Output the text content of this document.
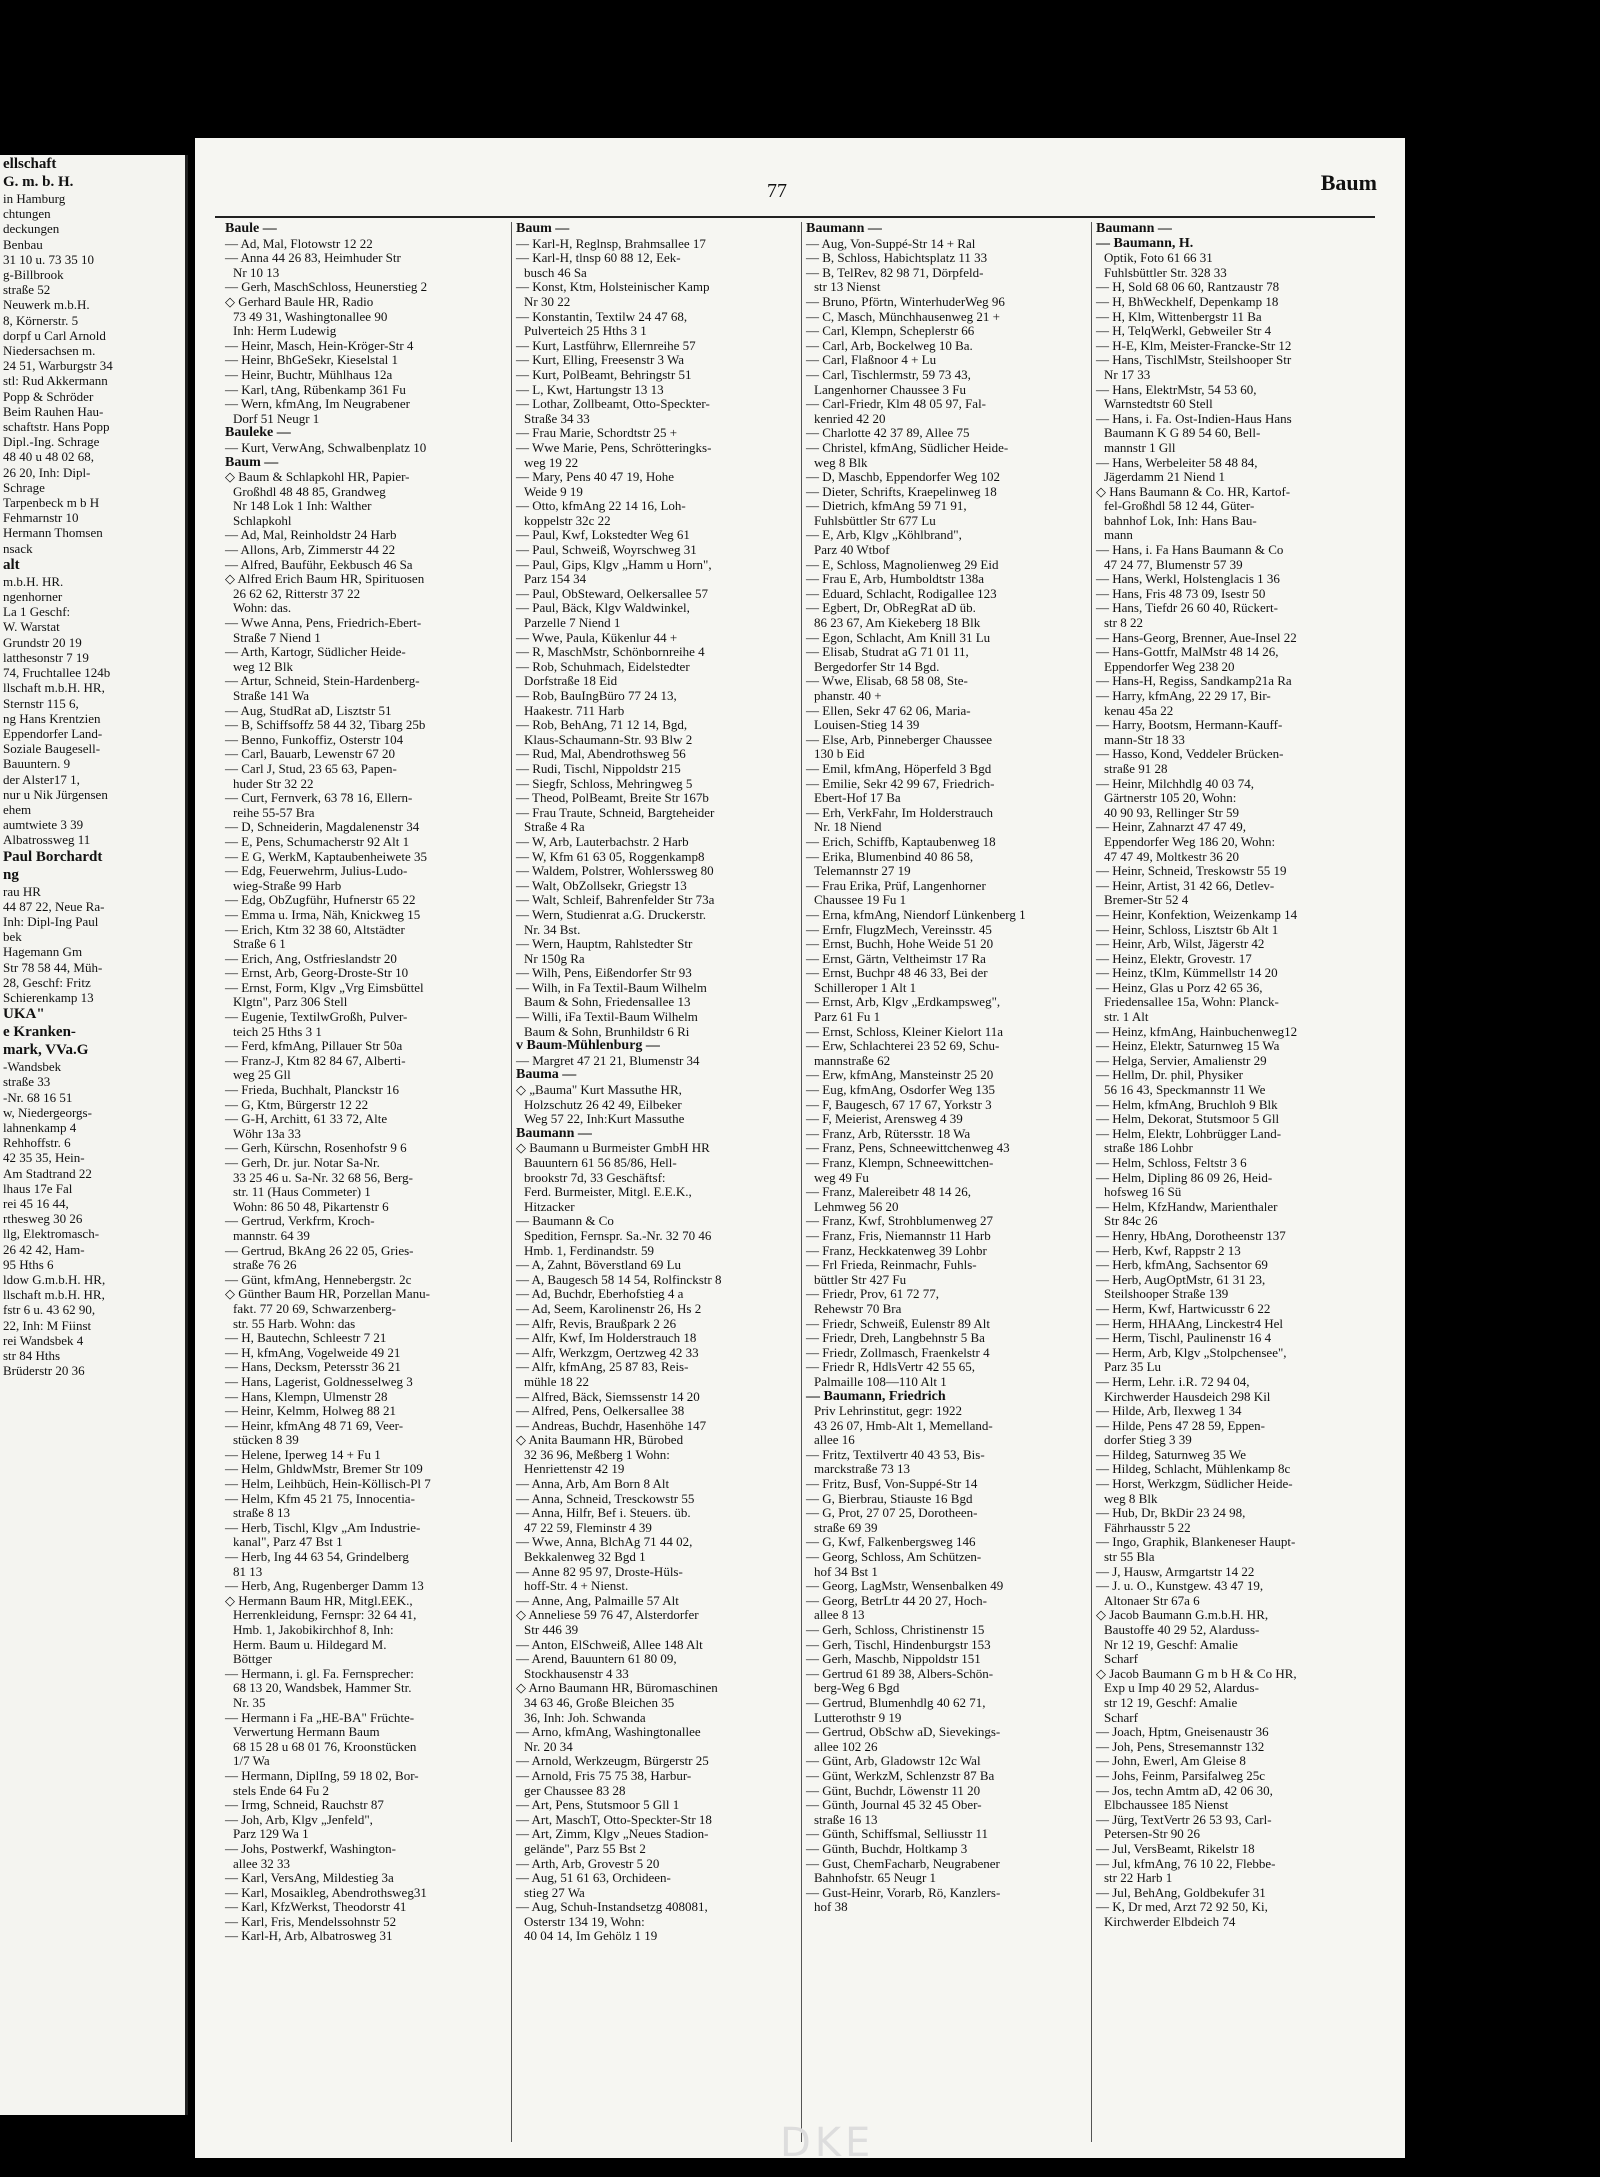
ellschaft
G. m. b. H.
in Hamburg
chtungen
deckungen
Benbau
31 10 u. 73 35 10
g-Billbrook
straße 52
Neuwerk m.b.H.
8, Körnerstr. 5
dorpf u Carl Arnold
Niedersachsen m.
24 51, Warburgstr 34
stl: Rud Akkermann
Popp & Schröder
Beim Rauhen Hau-
schaftstr. Hans Popp
Dipl.-Ing. Schrage
48 40 u 48 02 68,
26 20, Inh: Dipl-
Schrage
Tarpenbeck m b H
Fehmarnstr 10
Hermann Thomsen
nsack
alt
m.b.H. HR.
ngenhorner
La 1 Geschf:
W. Warstat
Grundstr 20 19
latthesonstr 7 19
74, Fruchtallee 124b
llschaft m.b.H. HR,
Sternstr 115 6,
ng Hans Krentzien
Eppendorfer Land-
Soziale Baugesell-
Bauuntern. 9
der Alster17 1,
nur u Nik Jürgensen
ehem
aumtwiete 3 39
Albatrossweg 11
Paul Borchardt
ng
rau HR
44 87 22, Neue Ra-
Inh: Dipl-Ing Paul
bek
Hagemann Gm
Str 78 58 44, Müh-
28, Geschf: Fritz
Schierenkamp 13
UKA"
e Kranken-
mark, VVa.G
-Wandsbek
straße 33
-Nr. 68 16 51
w, Niedergeorgs-
lahnenkamp 4
Rehhoffstr. 6
42 35 35, Hein-
Am Stadtrand 22
lhaus 17e Fal
rei 45 16 44,
rthesweg 30 26
llg, Elektromasch-
26 42 42, Ham-
95 Hths 6
ldow G.m.b.H. HR,
llschaft m.b.H. HR,
fstr 6 u. 43 62 90,
22, Inh: M Fiinst
rei Wandsbek 4
str 84 Hths
Brüderstr 20 36
77	Baum
Baule —
— Ad, Mal, Flotowstr 12 22
— Anna 44 26 83, Heimhuder Str
Nr 10 13
— Gerh, MaschSchloss, Heunerstieg 2
◇ Gerhard Baule HR, Radio
73 49 31, Washingtonallee 90
Inh: Herm Ludewig
— Heinr, Masch, Hein-Kröger-Str 4
— Heinr, BhGeSekr, Kieselstal 1
— Heinr, Buchtr, Mühlhaus 12a
— Karl, tAng, Rübenkamp 361 Fu
— Wern, kfmAng, Im Neugrabener
Dorf 51 Neugr 1
Bauleke —
— Kurt, VerwAng, Schwalbenplatz 10
Baum —
◇ Baum & Schlapkohl HR, Papier-
Großhdl 48 48 85, Grandweg
Nr 148 Lok 1 Inh: Walther
Schlapkohl
— Ad, Mal, Reinholdstr 24 Harb
— Allons, Arb, Zimmerstr 44 22
— Alfred, Bauführ, Eekbusch 46 Sa
◇ Alfred Erich Baum HR, Spirituosen
26 62 62, Ritterstr 37 22
Wohn: das.
— Wwe Anna, Pens, Friedrich-Ebert-
Straße 7 Niend 1
— Arth, Kartogr, Südlicher Heide-
weg 12 Blk
— Artur, Schneid, Stein-Hardenberg-
Straße 141 Wa
— Aug, StudRat aD, Lisztstr 51
— B, Schiffsoffz 58 44 32, Tibarg 25b
— Benno, Funkoffiz, Osterstr 104
— Carl, Bauarb, Lewenstr 67 20
— Carl J, Stud, 23 65 63, Papen-
huder Str 32 22
— Curt, Fernverk, 63 78 16, Ellern-
reihe 55-57 Bra
— D, Schneiderin, Magdalenenstr 34
— E, Pens, Schumacherstr 92 Alt 1
— E G, WerkM, Kaptaubenheiwete 35
— Edg, Feuerwehrm, Julius-Ludo-
wieg-Straße 99 Harb
— Edg, ObZugführ, Hufnerstr 65 22
— Emma u. Irma, Näh, Knickweg 15
— Erich, Ktm 32 38 60, Altstädter
Straße 6 1
— Erich, Ang, Ostfrieslandstr 20
— Ernst, Arb, Georg-Droste-Str 10
— Ernst, Form, Klgv „Vrg Eimsbüttel
Klgtn", Parz 306 Stell
— Eugenie, TextilwGroßh, Pulver-
teich 25 Hths 3 1
— Ferd, kfmAng, Pillauer Str 50a
— Franz-J, Ktm 82 84 67, Alberti-
weg 25 Gll
— Frieda, Buchhalt, Planckstr 16
— G, Ktm, Bürgerstr 12 22
— G-H, Architt, 61 33 72, Alte
Wöhr 13a 33
— Gerh, Kürschn, Rosenhofstr 9 6
— Gerh, Dr. jur. Notar Sa-Nr.
33 25 46 u. Sa-Nr. 32 68 56, Berg-
str. 11 (Haus Commeter) 1
Wohn: 86 50 48, Pikartenstr 6
— Gertrud, Verkfrm, Kroch-
mannstr. 64 39
— Gertrud, BkAng 26 22 05, Gries-
straße 76 26
— Günt, kfmAng, Hennebergstr. 2c
◇ Günther Baum HR, Porzellan Manu-
fakt. 77 20 69, Schwarzenberg-
str. 55 Harb. Wohn: das
— H, Bautechn, Schleestr 7 21
— H, kfmAng, Vogelweide 49 21
— Hans, Decksm, Petersstr 36 21
— Hans, Lagerist, Goldnesselweg 3
— Hans, Klempn, Ulmenstr 28
— Heinr, Kelmm, Holweg 88 21
— Heinr, kfmAng 48 71 69, Veer-
stücken 8 39
— Helene, Iperweg 14 + Fu 1
— Helm, GhldwMstr, Bremer Str 109
— Helm, Leihbüch, Hein-Köllisch-Pl 7
— Helm, Kfm 45 21 75, Innocentia-
straße 8 13
— Herb, Tischl, Klgv „Am Industrie-
kanal", Parz 47 Bst 1
— Herb, Ing 44 63 54, Grindelberg
81 13
— Herb, Ang, Rugenberger Damm 13
◇ Hermann Baum HR, Mitgl.EEK.,
Herrenkleidung, Fernspr: 32 64 41,
Hmb. 1, Jakobikirchhof 8, Inh:
Herm. Baum u. Hildegard M.
Böttger
— Hermann, i. gl. Fa. Fernsprecher:
68 13 20, Wandsbek, Hammer Str.
Nr. 35
— Hermann i Fa „HE-BA" Früchte-
Verwertung Hermann Baum
68 15 28 u 68 01 76, Kroonstücken
1/7 Wa
— Hermann, DiplIng, 59 18 02, Bor-
stels Ende 64 Fu 2
— Irmg, Schneid, Rauchstr 87
— Joh, Arb, Klgv „Jenfeld",
Parz 129 Wa 1
— Johs, Postwerkf, Washington-
allee 32 33
— Karl, VersAng, Mildestieg 3a
— Karl, Mosaikleg, Abendrothsweg31
— Karl, KfzWerkst, Theodorstr 41
— Karl, Fris, Mendelssohnstr 52
— Karl-H, Arb, Albatrosweg 31
Baum —
— Karl-H, Reglnsp, Brahmsallee 17
— Karl-H, tlnsp 60 88 12, Eek-
busch 46 Sa
— Konst, Ktm, Holsteinischer Kamp
Nr 30 22
— Konstantin, Textilw 24 47 68,
Pulverteich 25 Hths 3 1
— Kurt, Lastführw, Ellernreihe 57
— Kurt, Elling, Freesenstr 3 Wa
— Kurt, PolBeamt, Behringstr 51
— L, Kwt, Hartungstr 13 13
— Lothar, Zollbeamt, Otto-Speckter-
Straße 34 33
— Frau Marie, Schordtstr 25 +
— Wwe Marie, Pens, Schrötteringks-
weg 19 22
— Mary, Pens 40 47 19, Hohe
Weide 9 19
— Otto, kfmAng 22 14 16, Loh-
koppelstr 32c 22
— Paul, Kwf, Lokstedter Weg 61
— Paul, Schweiß, Woyrschweg 31
— Paul, Gips, Klgv „Hamm u Horn",
Parz 154 34
— Paul, ObSteward, Oelkersallee 57
— Paul, Bäck, Klgv Waldwinkel,
Parzelle 7 Niend 1
— Wwe, Paula, Kükenlur 44 +
— R, MaschMstr, Schönbornreihe 4
— Rob, Schuhmach, Eidelstedter
Dorfstraße 18 Eid
— Rob, BauIngBüro 77 24 13,
Haakestr. 711 Harb
— Rob, BehAng, 71 12 14, Bgd,
Klaus-Schaumann-Str. 93 Blw 2
— Rud, Mal, Abendrothsweg 56
— Rudi, Tischl, Nippoldstr 215
— Siegfr, Schloss, Mehringweg 5
— Theod, PolBeamt, Breite Str 167b
— Frau Traute, Schneid, Bargteheider
Straße 4 Ra
— W, Arb, Lauterbachstr. 2 Harb
— W, Kfm 61 63 05, Roggenkamp8
— Waldem, Polstrer, Wohlerssweg 80
— Walt, ObZollsekr, Griegstr 13
— Walt, Schleif, Bahrenfelder Str 73a
— Wern, Studienrat a.G. Druckerstr.
Nr. 34 Bst.
— Wern, Hauptm, Rahlstedter Str
Nr 150g Ra
— Wilh, Pens, Eißendorfer Str 93
— Wilh, in Fa Textil-Baum Wilhelm
Baum & Sohn, Friedensallee 13
— Willi, iFa Textil-Baum Wilhelm
Baum & Sohn, Brunhildstr 6 Ri
v Baum-Mühlenburg —
— Margret 47 21 21, Blumenstr 34
Bauma —
◇ „Bauma" Kurt Massuthe HR,
Holzschutz 26 42 49, Eilbeker
Weg 57 22, Inh:Kurt Massuthe
Baumann —
◇ Baumann u Burmeister GmbH HR
Bauuntern 61 56 85/86, Hell-
brookstr 7d, 33 Geschäftsf:
Ferd. Burmeister, Mitgl. E.E.K.,
Hitzacker
— Baumann & Co
Spedition, Fernspr. Sa.-Nr. 32 70 46
Hmb. 1, Ferdinandstr. 59
— A, Zahnt, Böverstland 69 Lu
— A, Baugesch 58 14 54, Rolfinckstr 8
— Ad, Buchdr, Eberhofstieg 4 a
— Ad, Seem, Karolinenstr 26, Hs 2
— Alfr, Revis, Braußpark 2 26
— Alfr, Kwf, Im Holderstrauch 18
— Alfr, Werkzgm, Oertzweg 42 33
— Alfr, kfmAng, 25 87 83, Reis-
mühle 18 22
— Alfred, Bäck, Siemssenstr 14 20
— Alfred, Pens, Oelkersallee 38
— Andreas, Buchdr, Hasenhöhe 147
◇ Anita Baumann HR, Bürobed
32 36 96, Meßberg 1 Wohn:
Henriettenstr 42 19
— Anna, Arb, Am Born 8 Alt
— Anna, Schneid, Tresckowstr 55
— Anna, Hilfr, Bef i. Steuers. üb.
47 22 59, Fleminstr 4 39
— Wwe, Anna, BlchAg 71 44 02,
Bekkalenweg 32 Bgd 1
— Anne 82 95 97, Droste-Hüls-
hoff-Str. 4 + Nienst.
— Anne, Ang, Palmaille 57 Alt
◇ Anneliese 59 76 47, Alsterdorfer
Str 446 39
— Anton, ElSchweiß, Allee 148 Alt
— Arend, Bauuntern 61 80 09,
Stockhausenstr 4 33
◇ Arno Baumann HR, Büromaschinen
34 63 46, Große Bleichen 35
36, Inh: Joh. Schwanda
— Arno, kfmAng, Washingtonallee
Nr. 20 34
— Arnold, Werkzeugm, Bürgerstr 25
— Arnold, Fris 75 75 38, Harbur-
ger Chaussee 83 28
— Art, Pens, Stutsmoor 5 Gll 1
— Art, MaschT, Otto-Speckter-Str 18
— Art, Zimm, Klgv „Neues Stadion-
gelände", Parz 55 Bst 2
— Arth, Arb, Grovestr 5 20
— Aug, 51 61 63, Orchideen-
stieg 27 Wa
— Aug, Schuh-Instandsetzg 408081,
Osterstr 134 19, Wohn:
40 04 14, Im Gehölz 1 19
Baumann —
— Aug, Von-Suppé-Str 14 + Ral
— B, Schloss, Habichtsplatz 11 33
— B, TelRev, 82 98 71, Dörpfeld-
str 13 Nienst
— Bruno, Pförtn, WinterhuderWeg 96
— C, Masch, Münchhausenweg 21 +
— Carl, Klempn, Scheplerstr 66
— Carl, Arb, Bockelweg 10 Ba.
— Carl, Flaßnoor 4 + Lu
— Carl, Tischlermstr, 59 73 43,
Langenhorner Chaussee 3 Fu
— Carl-Friedr, Klm 48 05 97, Fal-
kenried 42 20
— Charlotte 42 37 89, Allee 75
— Christel, kfmAng, Südlicher Heide-
weg 8 Blk
— D, Maschb, Eppendorfer Weg 102
— Dieter, Schrifts, Kraepelinweg 18
— Dietrich, kfmAng 59 71 91,
Fuhlsbüttler Str 677 Lu
— E, Arb, Klgv „Köhlbrand",
Parz 40 Wtbof
— E, Schloss, Magnolienweg 29 Eid
— Frau E, Arb, Humboldtstr 138a
— Eduard, Schlacht, Rodigallee 123
— Egbert, Dr, ObRegRat aD üb.
86 23 67, Am Kiekeberg 18 Blk
— Egon, Schlacht, Am Knill 31 Lu
— Elisab, Studrat aG 71 01 11,
Bergedorfer Str 14 Bgd.
— Wwe, Elisab, 68 58 08, Ste-
phanstr. 40 +
— Ellen, Sekr 47 62 06, Maria-
Louisen-Stieg 14 39
— Else, Arb, Pinneberger Chaussee
130 b Eid
— Emil, kfmAng, Höperfeld 3 Bgd
— Emilie, Sekr 42 99 67, Friedrich-
Ebert-Hof 17 Ba
— Erh, VerkFahr, Im Holderstrauch
Nr. 18 Niend
— Erich, Schiffb, Kaptaubenweg 18
— Erika, Blumenbind 40 86 58,
Telemannstr 27 19
— Frau Erika, Prüf, Langenhorner
Chaussee 19 Fu 1
— Erna, kfmAng, Niendorf Lünkenberg 1
— Ernfr, FlugzMech, Vereinsstr. 45
— Ernst, Buchh, Hohe Weide 51 20
— Ernst, Gärtn, Veltheimstr 17 Ra
— Ernst, Buchpr 48 46 33, Bei der
Schilleroper 1 Alt 1
— Ernst, Arb, Klgv „Erdkampsweg",
Parz 61 Fu 1
— Ernst, Schloss, Kleiner Kielort 11a
— Erw, Schlachterei 23 52 69, Schu-
mannstraße 62
— Erw, kfmAng, Mansteinstr 25 20
— Eug, kfmAng, Osdorfer Weg 135
— F, Baugesch, 67 17 67, Yorkstr 3
— F, Meierist, Arensweg 4 39
— Franz, Arb, Rütersstr. 18 Wa
— Franz, Pens, Schneewittchenweg 43
— Franz, Klempn, Schneewittchen-
weg 49 Fu
— Franz, Malereibetr 48 14 26,
Lehmweg 56 20
— Franz, Kwf, Strohblumenweg 27
— Franz, Fris, Niemannstr 11 Harb
— Franz, Heckkatenweg 39 Lohbr
— Frl Frieda, Reinmachr, Fuhls-
büttler Str 427 Fu
— Friedr, Prov, 61 72 77,
Rehewstr 70 Bra
— Friedr, Schweiß, Eulenstr 89 Alt
— Friedr, Dreh, Langbehnstr 5 Ba
— Friedr, Zollmasch, Fraenkelstr 4
— Friedr R, HdlsVertr 42 55 65,
Palmaille 108—110 Alt 1
— Baumann, Friedrich
Priv Lehrinstitut, gegr: 1922
43 26 07, Hmb-Alt 1, Memelland-
allee 16
— Fritz, Textilvertr 40 43 53, Bis-
marckstraße 73 13
— Fritz, Busf, Von-Suppé-Str 14
— G, Bierbrau, Stiauste 16 Bgd
— G, Prot, 27 07 25, Dorotheen-
straße 69 39
— G, Kwf, Falkenbergsweg 146
— Georg, Schloss, Am Schützen-
hof 34 Bst 1
— Georg, LagMstr, Wensenbalken 49
— Georg, BetrLtr 44 20 27, Hoch-
allee 8 13
— Gerh, Schloss, Christinenstr 15
— Gerh, Tischl, Hindenburgstr 153
— Gerh, Maschb, Nippoldstr 151
— Gertrud 61 89 38, Albers-Schön-
berg-Weg 6 Bgd
— Gertrud, Blumenhdlg 40 62 71,
Lutterothstr 9 19
— Gertrud, ObSchw aD, Sievekings-
allee 102 26
— Günt, Arb, Gladowstr 12c Wal
— Günt, WerkzM, Schlenzstr 87 Ba
— Günt, Buchdr, Löwenstr 11 20
— Günth, Journal 45 32 45 Ober-
straße 16 13
— Günth, Schiffsmal, Selliusstr 11
— Günth, Buchdr, Holtkamp 3
— Gust, ChemFacharb, Neugrabener
Bahnhofstr. 65 Neugr 1
— Gust-Heinr, Vorarb, Rö, Kanzlers-
hof 38
Baumann —
— Baumann, H.
Optik, Foto 61 66 31
Fuhlsbüttler Str. 328 33
— H, Sold 68 06 60, Rantzaustr 78
— H, BhWeckhelf, Depenkamp 18
— H, Klm, Wittenbergstr 11 Ba
— H, TelqWerkl, Gebweiler Str 4
— H-E, Klm, Meister-Francke-Str 12
— Hans, TischlMstr, Steilshooper Str
Nr 17 33
— Hans, ElektrMstr, 54 53 60,
Warnstedtstr 60 Stell
— Hans, i. Fa. Ost-Indien-Haus Hans
Baumann K G 89 54 60, Bell-
mannstr 1 Gll
— Hans, Werbeleiter 58 48 84,
Jägerdamm 21 Niend 1
◇ Hans Baumann & Co. HR, Kartof-
fel-Großhdl 58 12 44, Güter-
bahnhof Lok, Inh: Hans Bau-
mann
— Hans, i. Fa Hans Baumann & Co
47 24 77, Blumenstr 57 39
— Hans, Werkl, Holstenglacis 1 36
— Hans, Fris 48 73 09, Isestr 50
— Hans, Tiefdr 26 60 40, Rückert-
str 8 22
— Hans-Georg, Brenner, Aue-Insel 22
— Hans-Gottfr, MalMstr 48 14 26,
Eppendorfer Weg 238 20
— Hans-H, Regiss, Sandkamp21a Ra
— Harry, kfmAng, 22 29 17, Bir-
kenau 45a 22
— Harry, Bootsm, Hermann-Kauff-
mann-Str 18 33
— Hasso, Kond, Veddeler Brücken-
straße 91 28
— Heinr, Milchhdlg 40 03 74,
Gärtnerstr 105 20, Wohn:
40 90 93, Rellinger Str 59
— Heinr, Zahnarzt 47 47 49,
Eppendorfer Weg 186 20, Wohn:
47 47 49, Moltkestr 36 20
— Heinr, Schneid, Treskowstr 55 19
— Heinr, Artist, 31 42 66, Detlev-
Bremer-Str 52 4
— Heinr, Konfektion, Weizenkamp 14
— Heinr, Schloss, Lisztstr 6b Alt 1
— Heinr, Arb, Wilst, Jägerstr 42
— Heinz, Elektr, Grovestr. 17
— Heinz, tKlm, Kümmellstr 14 20
— Heinz, Glas u Porz 42 65 36,
Friedensallee 15a, Wohn: Planck-
str. 1 Alt
— Heinz, kfmAng, Hainbuchenweg12
— Heinz, Elektr, Saturnweg 15 Wa
— Helga, Servier, Amalienstr 29
— Hellm, Dr. phil, Physiker
56 16 43, Speckmannstr 11 We
— Helm, kfmAng, Bruchloh 9 Blk
— Helm, Dekorat, Stutsmoor 5 Gll
— Helm, Elektr, Lohbrügger Land-
straße 186 Lohbr
— Helm, Schloss, Feltstr 3 6
— Helm, Dipling 86 09 26, Heid-
hofsweg 16 Sü
— Helm, KfzHandw, Marienthaler
Str 84c 26
— Henry, HbAng, Dorotheenstr 137
— Herb, Kwf, Rappstr 2 13
— Herb, kfmAng, Sachsentor 69
— Herb, AugOptMstr, 61 31 23,
Steilshooper Straße 139
— Herm, Kwf, Hartwicusstr 6 22
— Herm, HHAAng, Linckestr4 Hel
— Herm, Tischl, Paulinenstr 16 4
— Herm, Arb, Klgv „Stolpchensee",
Parz 35 Lu
— Herm, Lehr. i.R. 72 94 04,
Kirchwerder Hausdeich 298 Kil
— Hilde, Arb, Ilexweg 1 34
— Hilde, Pens 47 28 59, Eppen-
dorfer Stieg 3 39
— Hildeg, Saturnweg 35 We
— Hildeg, Schlacht, Mühlenkamp 8c
— Horst, Werkzgm, Südlicher Heide-
weg 8 Blk
— Hub, Dr, BkDir 23 24 98,
Fährhausstr 5 22
— Ingo, Graphik, Blankeneser Haupt-
str 55 Bla
— J, Hausw, Armgartstr 14 22
— J. u. O., Kunstgew. 43 47 19,
Altonaer Str 67a 6
◇ Jacob Baumann G.m.b.H. HR,
Baustoffe 40 29 52, Alarduss-
Nr 12 19, Geschf: Amalie
Scharf
◇ Jacob Baumann G m b H & Co HR,
Exp u Imp 40 29 52, Alardus-
str 12 19, Geschf: Amalie
Scharf
— Joach, Hptm, Gneisenaustr 36
— Joh, Pens, Stresemannstr 132
— John, Ewerl, Am Gleise 8
— Johs, Feinm, Parsifalweg 25c
— Jos, techn Amtm aD, 42 06 30,
Elbchaussee 185 Nienst
— Jürg, TextVertr 26 53 93, Carl-
Petersen-Str 90 26
— Jul, VersBeamt, Rikelstr 18
— Jul, kfmAng, 76 10 22, Flebbe-
str 22 Harb 1
— Jul, BehAng, Goldbekufer 31
— K, Dr med, Arzt 72 92 50, Ki,
Kirchwerder Elbdeich 74
DKE
